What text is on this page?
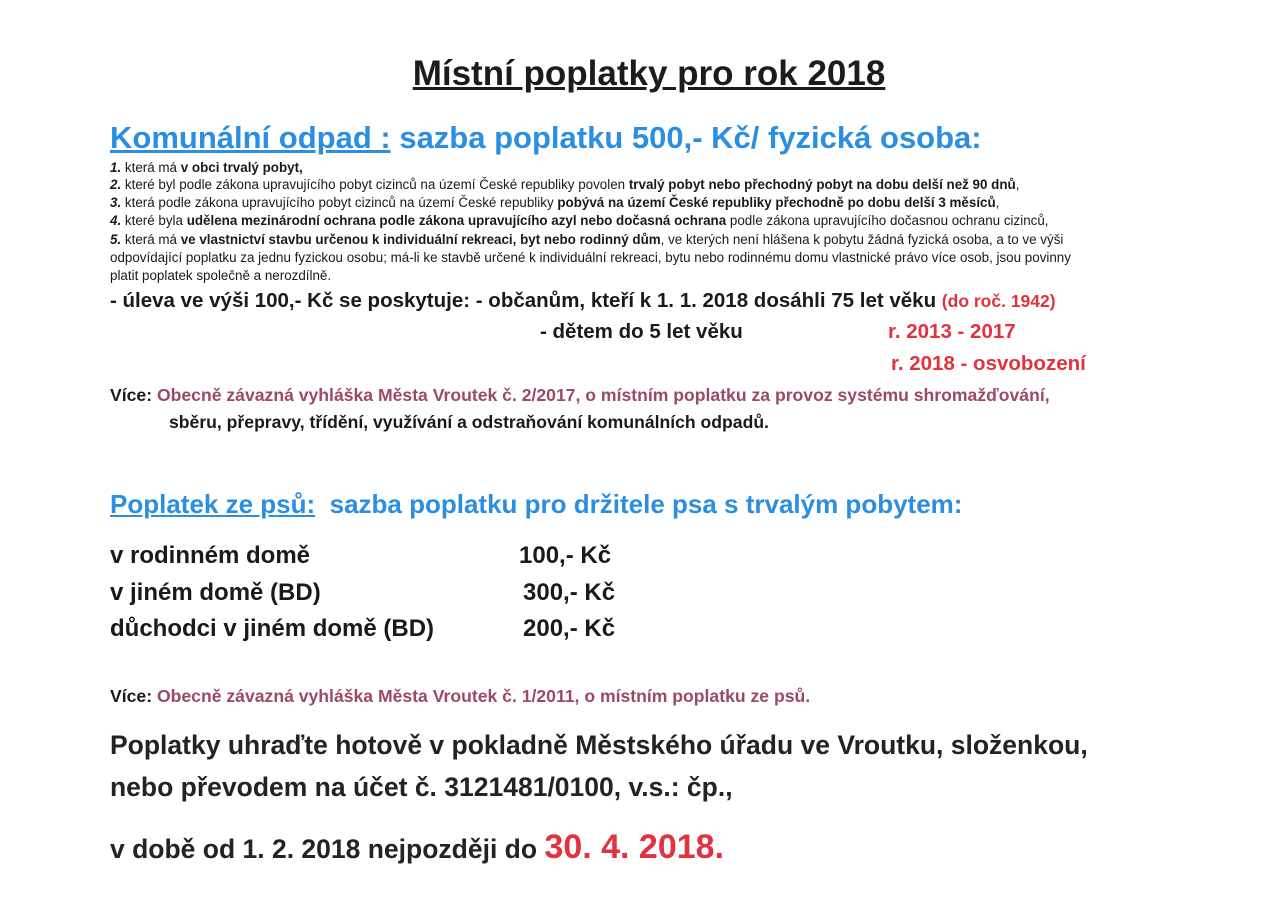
Místní poplatky pro rok 2018
Komunální odpad : sazba poplatku 500,- Kč/ fyzická osoba:
1. která má v obci trvalý pobyt,
2. které byl podle zákona upravujícího pobyt cizinců na území České republiky povolen trvalý pobyt nebo přechodný pobyt na dobu delší než 90 dnů,
3. která podle zákona upravujícího pobyt cizinců na území České republiky pobývá na území České republiky přechodně po dobu delší 3 měsíců,
4. které byla udělena mezinárodní ochrana podle zákona upravujícího azyl nebo dočasná ochrana podle zákona upravujícího dočasnou ochranu cizinců,
5. která má ve vlastnictví stavbu určenou k individuální rekreaci, byt nebo rodinný dům, ve kterých není hlášena k pobytu žádná fyzická osoba, a to ve výši
odpovídající poplatku za jednu fyzickou osobu; má-li ke stavbě určené k individuální rekreaci, bytu nebo rodinnému domu vlastnické právo více osob, jsou povinny
platit poplatek společně a nerozdílně.
- úleva ve výši 100,- Kč se poskytuje: - občanům, kteří k 1. 1. 2018 dosáhli 75 let věku (do roč. 1942)
- dětem do 5 let věku	r. 2013 - 2017
r. 2018 - osvobození
Více: Obecně závazná vyhláška Města Vroutek č. 2/2017, o místním poplatku za provoz systému shromažďování,
sběru, přepravy, třídění, využívání a odstraňování komunálních odpadů.
Poplatek ze psů: sazba poplatku pro držitele psa s trvalým pobytem:
v rodinném domě	100,- Kč
v jiném domě (BD)	300,- Kč
důchodci v jiném domě (BD)	200,- Kč
Více: Obecně závazná vyhláška Města Vroutek č. 1/2011, o místním poplatku ze psů.
Poplatky uhraďte hotově v pokladně Městského úřadu ve Vroutku, složenkou,
nebo převodem na účet č. 3121481/0100, v.s.: čp.,
v době od 1. 2. 2018 nejpozději do 30. 4. 2018.
